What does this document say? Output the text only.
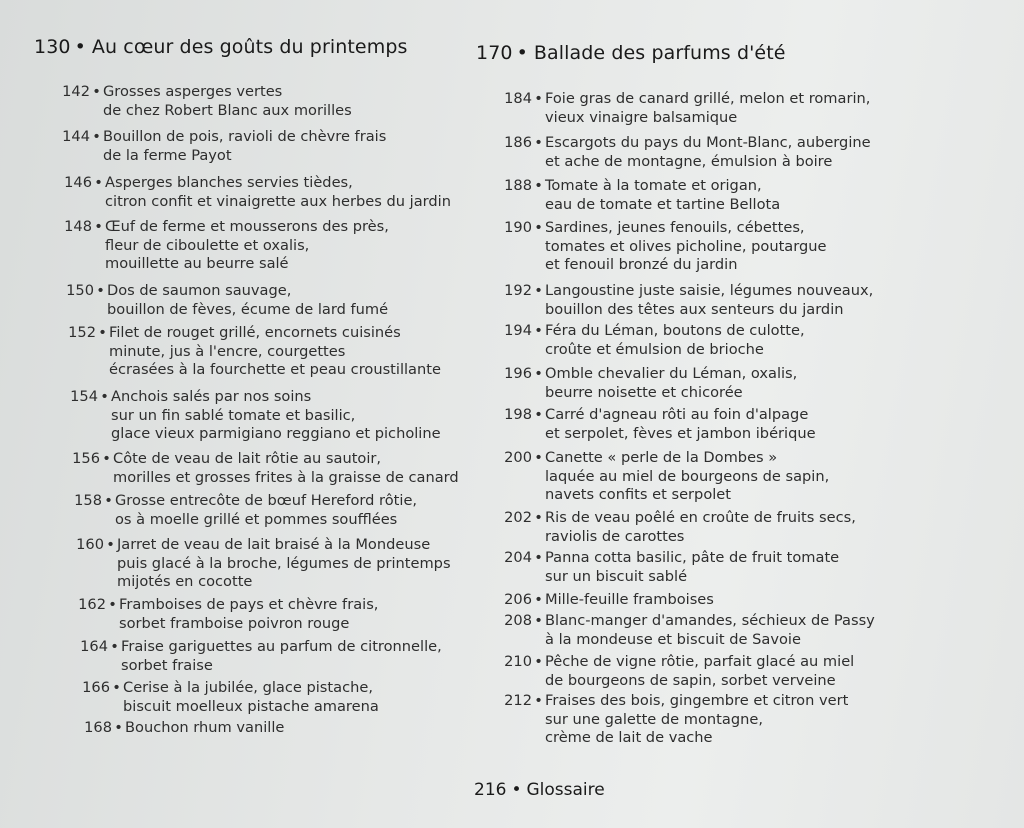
130 • Au cœur des goûts du printemps
142 • Grosses asperges vertes
de chez Robert Blanc aux morilles
144 • Bouillon de pois, ravioli de chèvre frais
de la ferme Payot
146 • Asperges blanches servies tièdes,
citron confit et vinaigrette aux herbes du jardin
148 • Œuf de ferme et mousserons des près,
fleur de ciboulette et oxalis,
mouillette au beurre salé
150 • Dos de saumon sauvage,
bouillon de fèves, écume de lard fumé
152 • Filet de rouget grillé, encornets cuisinés
minute, jus à l'encre, courgettes
écrasées à la fourchette et peau croustillante
154 • Anchois salés par nos soins
sur un fin sablé tomate et basilic,
glace vieux parmigiano reggiano et picholine
156 • Côte de veau de lait rôtie au sautoir,
morilles et grosses frites à la graisse de canard
158 • Grosse entrecôte de bœuf Hereford rôtie,
os à moelle grillé et pommes soufflées
160 • Jarret de veau de lait braisé à la Mondeuse
puis glacé à la broche, légumes de printemps
mijotés en cocotte
162 • Framboises de pays et chèvre frais,
sorbet framboise poivron rouge
164 • Fraise gariguettes au parfum de citronnelle,
sorbet fraise
166 • Cerise à la jubilée, glace pistache,
biscuit moelleux pistache amarena
168 • Bouchon rhum vanille
170 • Ballade des parfums d'été
184 • Foie gras de canard grillé, melon et romarin,
vieux vinaigre balsamique
186 • Escargots du pays du Mont-Blanc, aubergine
et ache de montagne, émulsion à boire
188 • Tomate à la tomate et origan,
eau de tomate et tartine Bellota
190 • Sardines, jeunes fenouils, cébettes,
tomates et olives picholine, poutargue
et fenouil bronzé du jardin
192 • Langoustine juste saisie, légumes nouveaux,
bouillon des têtes aux senteurs du jardin
194 • Féra du Léman, boutons de culotte,
croûte et émulsion de brioche
196 • Omble chevalier du Léman, oxalis,
beurre noisette et chicorée
198 • Carré d'agneau rôti au foin d'alpage
et serpolet, fèves et jambon ibérique
200 • Canette « perle de la Dombes »
laquée au miel de bourgeons de sapin,
navets confits et serpolet
202 • Ris de veau poêlé en croûte de fruits secs,
raviolis de carottes
204 • Panna cotta basilic, pâte de fruit tomate
sur un biscuit sablé
206 • Mille-feuille framboises
208 • Blanc-manger d'amandes, séchieux de Passy
à la mondeuse et biscuit de Savoie
210 • Pêche de vigne rôtie, parfait glacé au miel
de bourgeons de sapin, sorbet verveine
212 • Fraises des bois, gingembre et citron vert
sur une galette de montagne,
crème de lait de vache
216 • Glossaire
